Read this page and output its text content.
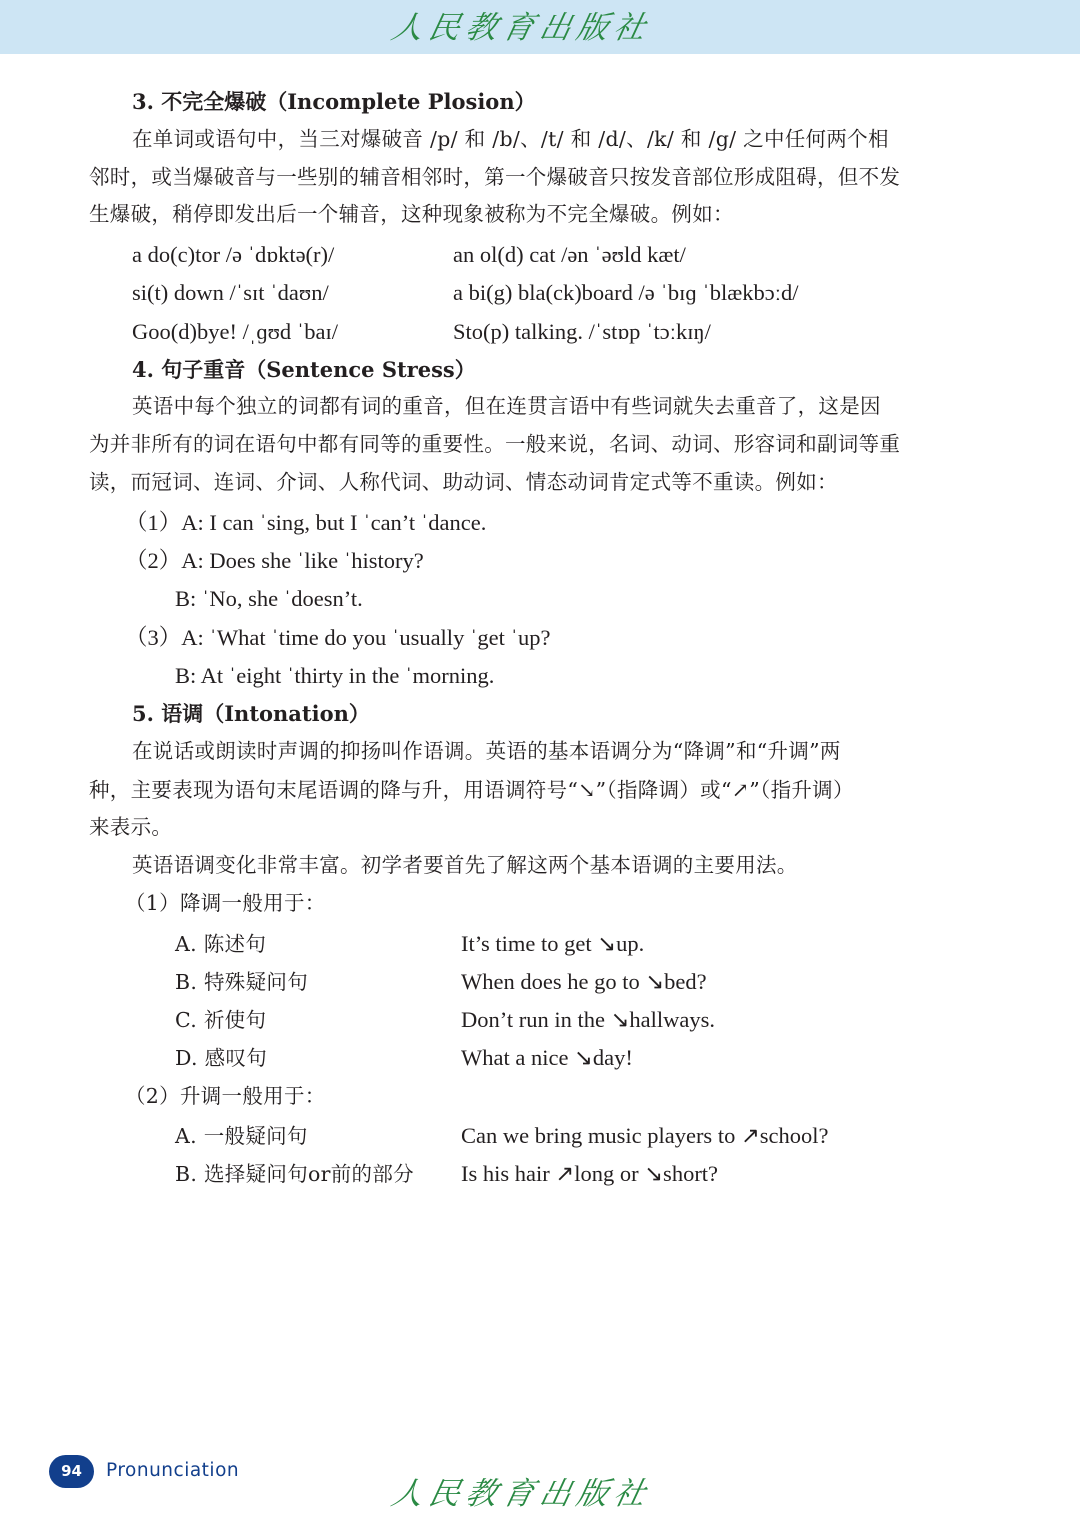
人民教育出版社
3. 不完全爆破（Incomplete Plosion）
在单词或语句中，当三对爆破音 /p/ 和 /b/、/t/ 和 /d/、/k/ 和 /g/ 之中任何两个相
邻时，或当爆破音与一些别的辅音相邻时，第一个爆破音只按发音部位形成阻碍，但不发
生爆破，稍停即发出后一个辅音，这种现象被称为不完全爆破。例如：
a do(c)tor /ə ˈdɒktə(r)/	an ol(d) cat /ən ˈəʊld kæt/
si(t) down /ˈsɪt ˈdaʊn/	a bi(g) bla(ck)board /ə ˈbɪɡ ˈblækbɔːd/
Goo(d)bye! /ˌɡʊd ˈbaɪ/	Sto(p) talking. /ˈstɒp ˈtɔːkɪŋ/
4. 句子重音（Sentence Stress）
英语中每个独立的词都有词的重音，但在连贯言语中有些词就失去重音了，这是因
为并非所有的词在语句中都有同等的重要性。一般来说，名词、动词、形容词和副词等重
读，而冠词、连词、介词、人称代词、助动词、情态动词肯定式等不重读。例如：
（1）A: I can ˈsing, but I ˈcan’t ˈdance.
（2）A: Does she ˈlike ˈhistory?
B: ˈNo, she ˈdoesn’t.
（3）A: ˈWhat ˈtime do you ˈusually ˈget ˈup?
B: At ˈeight ˈthirty in the ˈmorning.
5. 语调（Intonation）
在说话或朗读时声调的抑扬叫作语调。英语的基本语调分为“降调”和“升调”两
种，主要表现为语句末尾语调的降与升，用语调符号“↘”（指降调）或“↗”（指升调）
来表示。
英语语调变化非常丰富。初学者要首先了解这两个基本语调的主要用法。
（1）降调一般用于：
A. 陈述句	It’s time to get ↘up.
B. 特殊疑问句	When does he go to ↘bed?
C. 祈使句	Don’t run in the ↘hallways.
D. 感叹句	What a nice ↘day!
（2）升调一般用于：
A. 一般疑问句	Can we bring music players to ↗school?
B. 选择疑问句or前的部分 Is his hair ↗long or ↘short?
94	Pronunciation
人民教育出版社
